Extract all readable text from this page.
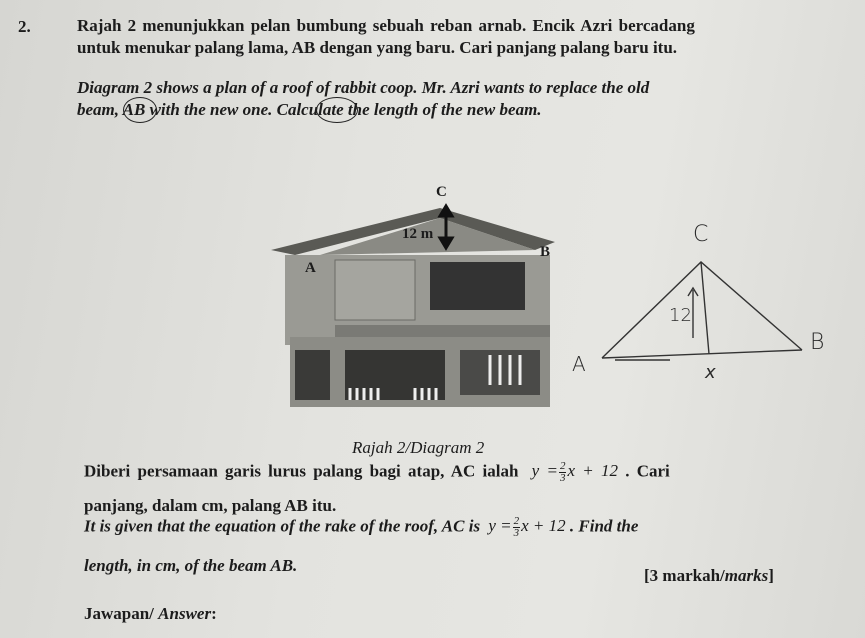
2.	Rajah 2 menunjukkan pelan bumbung sebuah reban arnab. Encik Azri bercadang
untuk menukar palang lama, AB dengan yang baru. Cari panjang palang baru itu.
Diagram 2 shows a plan of a roof of rabbit coop. Mr. Azri wants to replace the old
beam, AB with the new one. Calculate the length of the new beam.
C
12 m
B
A
C
12
B
A	x
Rajah 2/Diagram 2
Diberi persamaan garis lurus palang bagi atap, AC ialah $y = \frac{2}{3}$ x + 12 . Cari
panjang, dalam cm, palang AB itu.
It is given that the equation of the rake of the roof, AC is $y = \frac{2}{3}$ x + 12 . Find the
length, in cm, of the beam AB.
[3 markah/marks]
Jawapan/ Answer:
